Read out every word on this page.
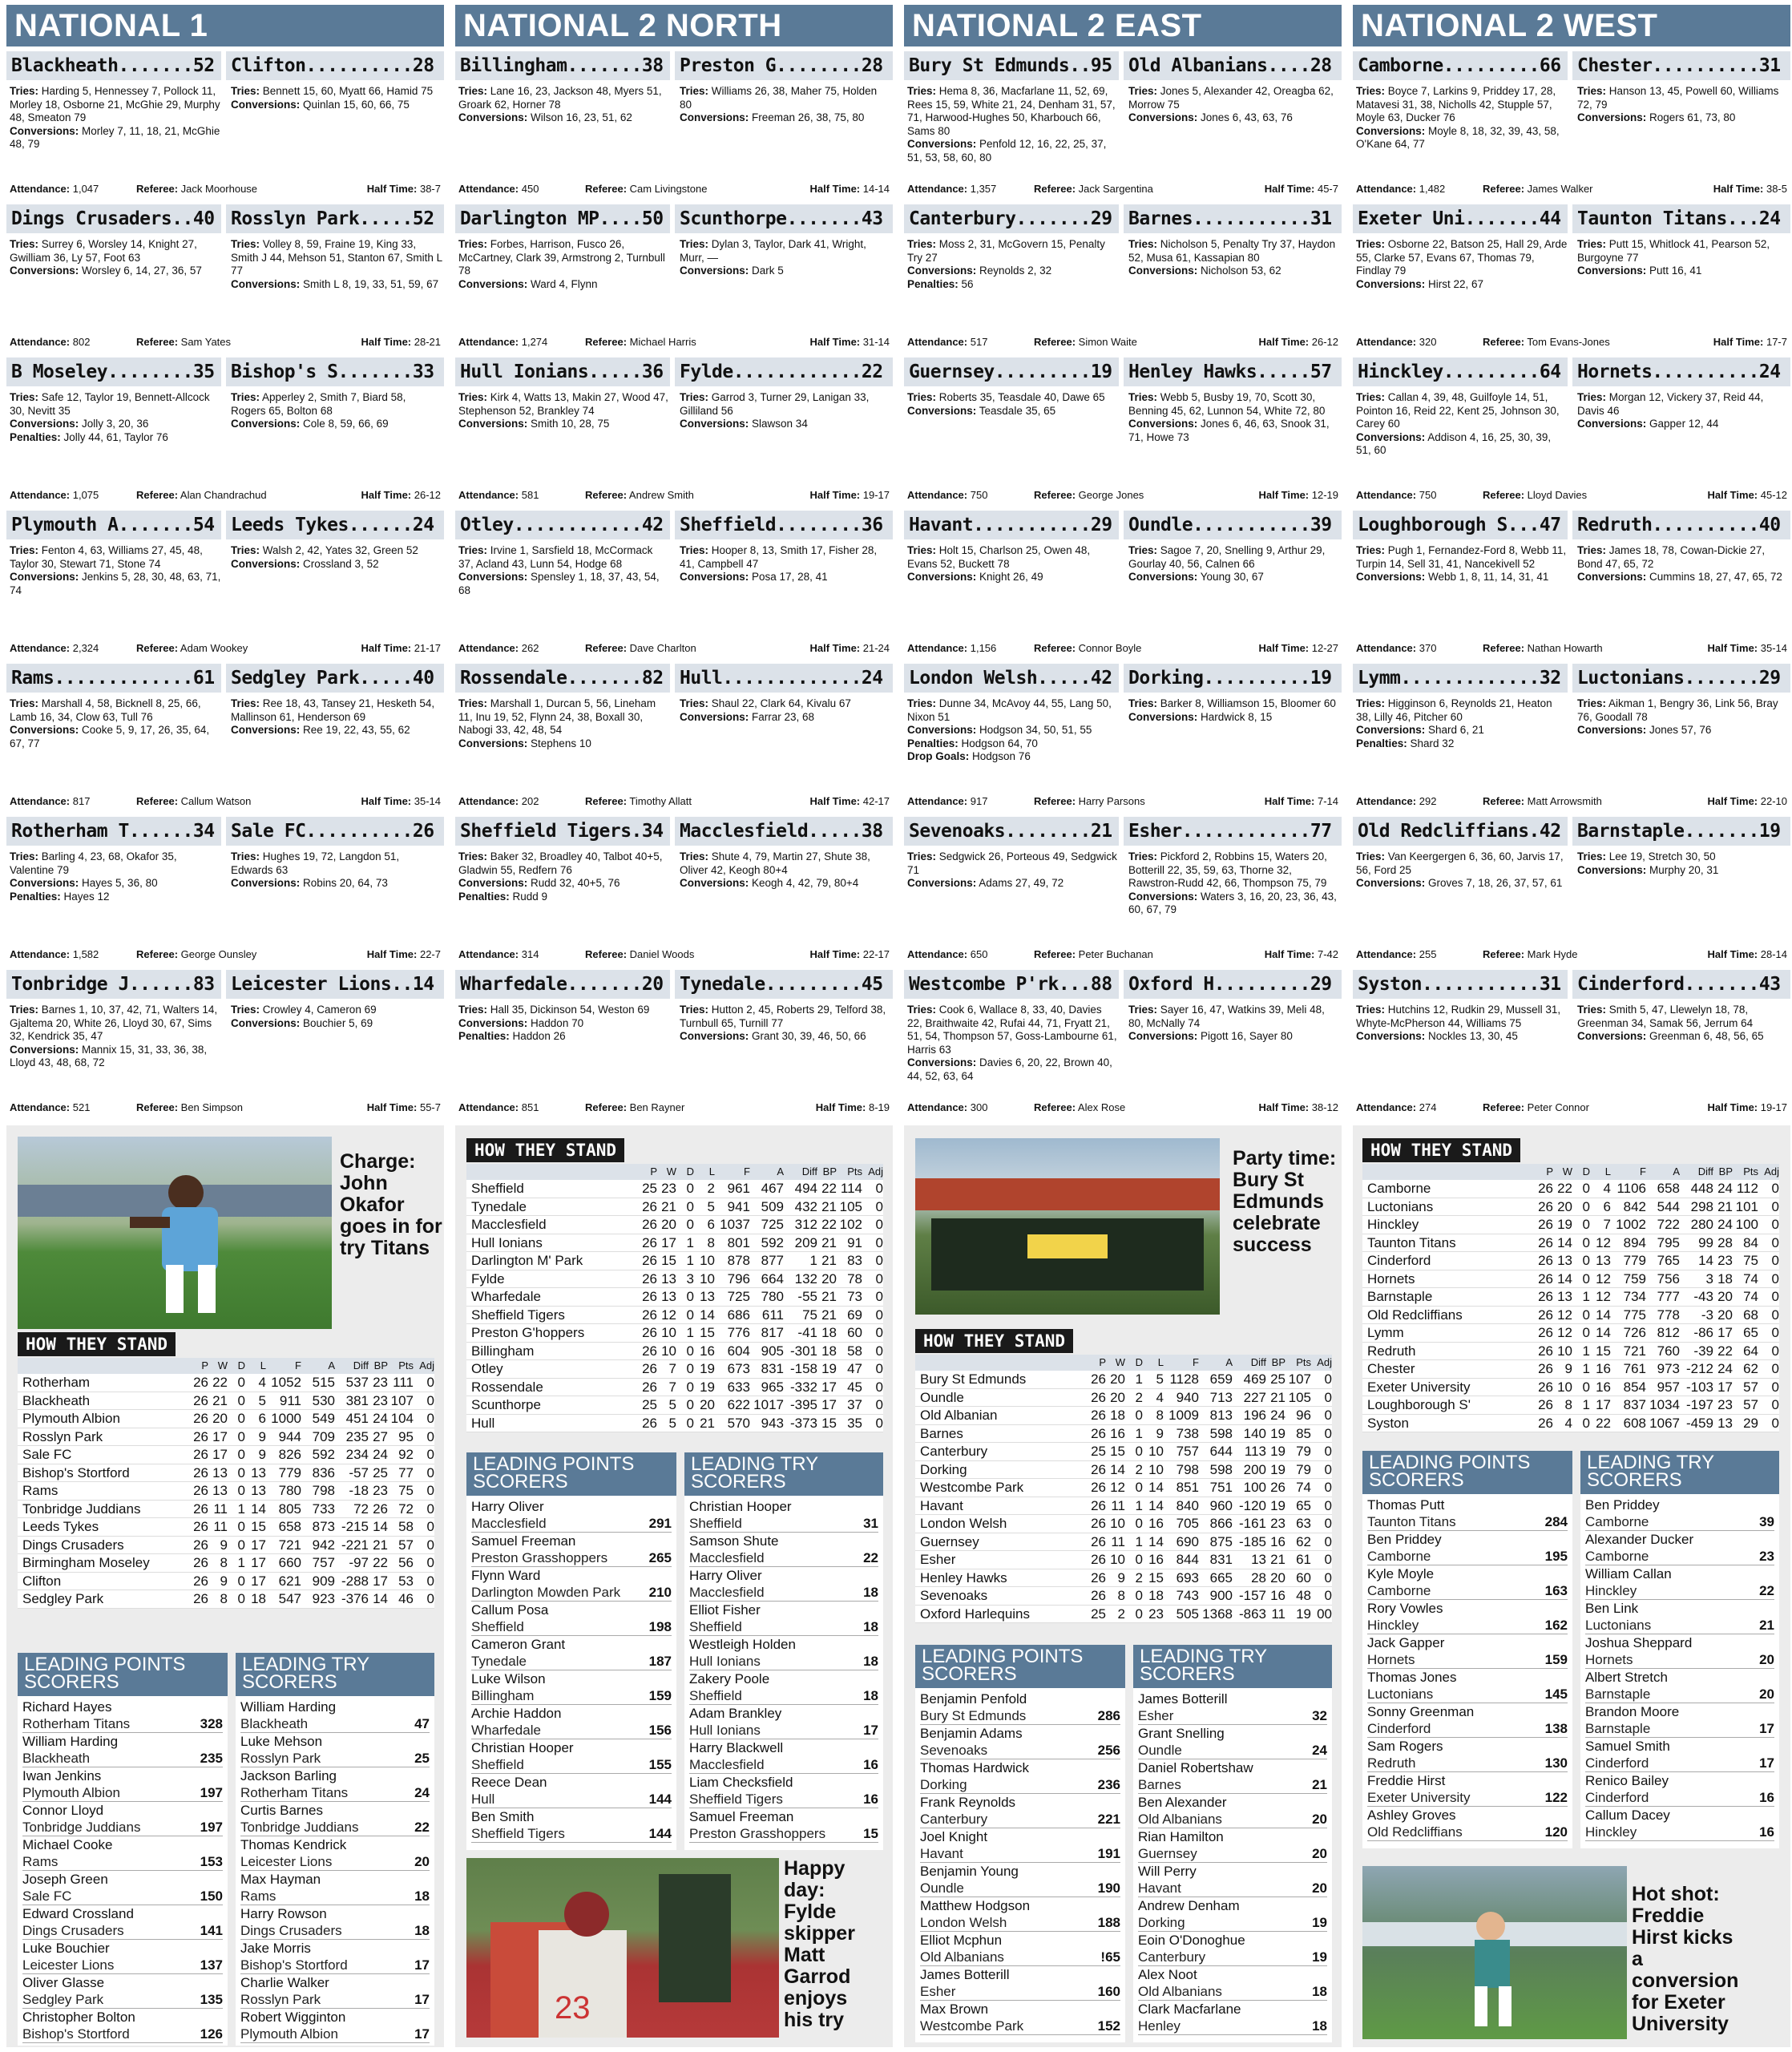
NATIONAL 1
Blackheath.......52 Clifton..........28
Tries: Harding 5, Hennessey 7, Pollock 11, Morley 18, Osborne 21, McGhie 29, Murphy 48, Smeaton 79
Conversions: Morley 7, 11, 18, 21, McGhie 48, 79
Tries: Bennett 15, 60, Myatt 66, Hamid 75
Conversions: Quinlan 15, 60, 66, 75
Attendance: 1,047	Referee: Jack Moorhouse	Half Time: 38-7
Dings Crusaders..40 Rosslyn Park.....52
Tries: Surrey 6, Worsley 14, Knight 27, Gwilliam 36, Ly 57, Foot 63
Conversions: Worsley 6, 14, 27, 36, 57
Tries: Volley 8, 59, Fraine 19, King 33, Smith J 44, Mehson 51, Stanton 67, Smith L 77
Conversions: Smith L 8, 19, 33, 51, 59, 67
Attendance: 802	Referee: Sam Yates	Half Time: 28-21
B Moseley........35 Bishop's S.......33
Tries: Safe 12, Taylor 19, Bennett-Allcock 30, Nevitt 35
Conversions: Jolly 3, 20, 36
Penalties: Jolly 44, 61, Taylor 76
Tries: Apperley 2, Smith 7, Biard 58, Rogers 65, Bolton 68
Conversions: Cole 8, 59, 66, 69
Attendance: 1,075	Referee: Alan Chandrachud	Half Time: 26-12
Plymouth A.......54 Leeds Tykes......24
Tries: Fenton 4, 63, Williams 27, 45, 48, Taylor 30, Stewart 71, Stone 74
Conversions: Jenkins 5, 28, 30, 48, 63, 71, 74
Tries: Walsh 2, 42, Yates 32, Green 52
Conversions: Crossland 3, 52
Attendance: 2,324	Referee: Adam Wookey	Half Time: 21-17
Rams.............61 Sedgley Park.....40
Tries: Marshall 4, 58, Bicknell 8, 25, 66, Lamb 16, 34, Clow 63, Tull 76
Conversions: Cooke 5, 9, 17, 26, 35, 64, 67, 77
Tries: Ree 18, 43, Tansey 21, Hesketh 54, Mallinson 61, Henderson 69
Conversions: Ree 19, 22, 43, 55, 62
Attendance: 817	Referee: Callum Watson	Half Time: 35-14
Rotherham T......34 Sale FC..........26
Tries: Barling 4, 23, 68, Okafor 35, Valentine 79
Conversions: Hayes 5, 36, 80
Penalties: Hayes 12
Tries: Hughes 19, 72, Langdon 51, Edwards 63
Conversions: Robins 20, 64, 73
Attendance: 1,582	Referee: George Ounsley	Half Time: 22-7
Tonbridge J......83 Leicester Lions..14
Tries: Barnes 1, 10, 37, 42, 71, Walters 14, Gjaltema 20, White 26, Lloyd 30, 67, Sims 32, Kendrick 35, 47
Conversions: Mannix 15, 31, 33, 36, 38, Lloyd 43, 48, 68, 72
Tries: Crowley 4, Cameron 69
Conversions: Bouchier 5, 69
Attendance: 521	Referee: Ben Simpson	Half Time: 55-7
NATIONAL 2 NORTH
Billingham.......38 Preston G........28
Tries: Lane 16, 23, Jackson 48, Myers 51, Groark 62, Horner 78
Conversions: Wilson 16, 23, 51, 62
Tries: Williams 26, 38, Maher 75, Holden 80
Conversions: Freeman 26, 38, 75, 80
Attendance: 450	Referee: Cam Livingstone	Half Time: 14-14
Darlington MP....50 Scunthorpe.......43
Tries: Forbes, Harrison, Fusco 26, McCartney, Clark 39, Armstrong 2, Turnbull 78
Conversions: Ward 4, Flynn
Tries: Dylan 3, Taylor, Dark 41, Wright, Murr, —
Conversions: Dark 5
Attendance: 1,274	Referee: Michael Harris	Half Time: 31-14
Hull Ionians.....36 Fylde............22
Tries: Kirk 4, Watts 13, Makin 27, Wood 47, Stephenson 52, Brankley 74
Conversions: Smith 10, 28, 75
Tries: Garrod 3, Turner 29, Lanigan 33, Gilliland 56
Conversions: Slawson 34
Attendance: 581	Referee: Andrew Smith	Half Time: 19-17
Otley............42 Sheffield........36
Tries: Irvine 1, Sarsfield 18, McCormack 37, Acland 43, Lunn 54, Hodge 68
Conversions: Spensley 1, 18, 37, 43, 54, 68
Tries: Hooper 8, 13, Smith 17, Fisher 28, 41, Campbell 47
Conversions: Posa 17, 28, 41
Attendance: 262	Referee: Dave Charlton	Half Time: 21-24
Rossendale.......82 Hull.............24
Tries: Marshall 1, Durcan 5, 56, Lineham 11, Inu 19, 52, Flynn 24, 38, Boxall 30, Nabogi 33, 42, 48, 54
Conversions: Stephens 10
Tries: Shaul 22, Clark 64, Kivalu 67
Conversions: Farrar 23, 68
Attendance: 202	Referee: Timothy Allatt	Half Time: 42-17
Sheffield Tigers.34 Macclesfield.....38
Tries: Baker 32, Broadley 40, Talbot 40+5, Gladwin 55, Redfern 76
Conversions: Rudd 32, 40+5, 76
Penalties: Rudd 9
Tries: Shute 4, 79, Martin 27, Shute 38, Oliver 42, Keogh 80+4
Conversions: Keogh 4, 42, 79, 80+4
Attendance: 314	Referee: Daniel Woods	Half Time: 22-17
Wharfedale.......20 Tynedale.........45
Tries: Hall 35, Dickinson 54, Weston 69
Conversions: Haddon 70
Penalties: Haddon 26
Tries: Hutton 2, 45, Roberts 29, Telford 38, Turnbull 65, Turnill 77
Conversions: Grant 30, 39, 46, 50, 66
Attendance: 851	Referee: Ben Rayner	Half Time: 8-19
NATIONAL 2 EAST
Bury St Edmunds..95 Old Albanians....28
Tries: Hema 8, 36, Macfarlane 11, 52, 69, Rees 15, 59, White 21, 24, Denham 31, 57, 71, Harwood-Hughes 50, Kharbouch 66, Sams 80
Conversions: Penfold 12, 16, 22, 25, 37, 51, 53, 58, 60, 80
Tries: Jones 5, Alexander 42, Oreagba 62, Morrow 75
Conversions: Jones 6, 43, 63, 76
Attendance: 1,357	Referee: Jack Sargentina	Half Time: 45-7
Canterbury.......29 Barnes...........31
Tries: Moss 2, 31, McGovern 15, Penalty Try 27
Conversions: Reynolds 2, 32
Penalties: 56
Tries: Nicholson 5, Penalty Try 37, Haydon 52, Musa 61, Kassapian 80
Conversions: Nicholson 53, 62
Attendance: 517	Referee: Simon Waite	Half Time: 26-12
Guernsey.........19 Henley Hawks.....57
Tries: Roberts 35, Teasdale 40, Dawe 65
Conversions: Teasdale 35, 65
Tries: Webb 5, Busby 19, 70, Scott 30, Benning 45, 62, Lunnon 54, White 72, 80
Conversions: Jones 6, 46, 63, Snook 31, 71, Howe 73
Attendance: 750	Referee: George Jones	Half Time: 12-19
Havant...........29 Oundle...........39
Tries: Holt 15, Charlson 25, Owen 48, Evans 52, Buckett 78
Conversions: Knight 26, 49
Tries: Sagoe 7, 20, Snelling 9, Arthur 29, Gourlay 40, 56, Calnen 66
Conversions: Young 30, 67
Attendance: 1,156	Referee: Connor Boyle	Half Time: 12-27
London Welsh.....42 Dorking..........19
Tries: Dunne 34, McAvoy 44, 55, Lang 50, Nixon 51
Conversions: Hodgson 34, 50, 51, 55
Penalties: Hodgson 64, 70
Drop Goals: Hodgson 76
Tries: Barker 8, Williamson 15, Bloomer 60
Conversions: Hardwick 8, 15
Attendance: 917	Referee: Harry Parsons	Half Time: 7-14
Sevenoaks........21 Esher............77
Tries: Sedgwick 26, Porteous 49, Sedgwick 71
Conversions: Adams 27, 49, 72
Tries: Pickford 2, Robbins 15, Waters 20, Botterill 22, 35, 59, 63, Thorne 32, Rawstron-Rudd 42, 66, Thompson 75, 79
Conversions: Waters 3, 16, 20, 23, 36, 43, 60, 67, 79
Attendance: 650	Referee: Peter Buchanan	Half Time: 7-42
Westcombe P'rk...88 Oxford H.........29
Tries: Cook 6, Wallace 8, 33, 40, Davies 22, Braithwaite 42, Rufai 44, 71, Fryatt 21, 51, 54, Thompson 57, Goss-Lambourne 61, Harris 63
Conversions: Davies 6, 20, 22, Brown 40, 44, 52, 63, 64
Tries: Sayer 16, 47, Watkins 39, Meli 48, 80, McNally 74
Conversions: Pigott 16, Sayer 80
Attendance: 300	Referee: Alex Rose	Half Time: 38-12
NATIONAL 2 WEST
Camborne.........66 Chester..........31
Tries: Boyce 7, Larkins 9, Priddey 17, 28, Matavesi 31, 38, Nicholls 42, Stupple 57, Moyle 63, Ducker 76
Conversions: Moyle 8, 18, 32, 39, 43, 58, O'Kane 64, 77
Tries: Hanson 13, 45, Powell 60, Williams 72, 79
Conversions: Rogers 61, 73, 80
Attendance: 1,482	Referee: James Walker	Half Time: 38-5
Exeter Uni.......44 Taunton Titans...24
Tries: Osborne 22, Batson 25, Hall 29, Arde 55, Clarke 57, Evans 67, Thomas 79, Findlay 79
Conversions: Hirst 22, 67
Tries: Putt 15, Whitlock 41, Pearson 52, Burgoyne 77
Conversions: Putt 16, 41
Attendance: 320	Referee: Tom Evans-Jones	Half Time: 17-7
Hinckley.........64 Hornets..........24
Tries: Callan 4, 39, 48, Guilfoyle 14, 51, Pointon 16, Reid 22, Kent 25, Johnson 30, Carey 60
Conversions: Addison 4, 16, 25, 30, 39, 51, 60
Tries: Morgan 12, Vickery 37, Reid 44, Davis 46
Conversions: Gapper 12, 44
Attendance: 750	Referee: Lloyd Davies	Half Time: 45-12
Loughborough S...47 Redruth..........40
Tries: Pugh 1, Fernandez-Ford 8, Webb 11, Turpin 14, Sell 31, 41, Nancekivell 52
Conversions: Webb 1, 8, 11, 14, 31, 41
Tries: James 18, 78, Cowan-Dickie 27, Bond 47, 65, 72
Conversions: Cummins 18, 27, 47, 65, 72
Attendance: 370	Referee: Nathan Howarth	Half Time: 35-14
Lymm.............32 Luctonians.......29
Tries: Higginson 6, Reynolds 21, Heaton 38, Lilly 46, Pitcher 60
Conversions: Shard 6, 21
Penalties: Shard 32
Tries: Aikman 1, Bengry 36, Link 56, Bray 76, Goodall 78
Conversions: Jones 57, 76
Attendance: 292	Referee: Matt Arrowsmith	Half Time: 22-10
Old Redcliffians.42 Barnstaple.......19
Tries: Van Keergergen 6, 36, 60, Jarvis 17, 56, Ford 25
Conversions: Groves 7, 18, 26, 37, 57, 61
Tries: Lee 19, Stretch 30, 50
Conversions: Murphy 20, 31
Attendance: 255	Referee: Mark Hyde	Half Time: 28-14
Syston...........31 Cinderford.......43
Tries: Hutchins 12, Rudkin 29, Mussell 31, Whyte-McPherson 44, Williams 75
Conversions: Nockles 13, 30, 45
Tries: Smith 5, 47, Llewelyn 18, 78, Greenman 34, Samak 56, Jerrum 64
Conversions: Greenman 6, 48, 56, 65
Attendance: 274	Referee: Peter Connor	Half Time: 19-17
23
Charge: John Okafor goes in for try Titans
Happy day: Fylde skipper Matt Garrod enjoys his try
Party time: Bury St Edmunds celebrate success
Hot shot: Freddie Hirst kicks a conversion for Exeter University
HOW THEY STAND
P W D	L	F	A	Diff BP	Pts Adj
Rotherham	26 22 0 4 1052 515 537 23 111 0
Blackheath	26 21 0 5 911 530 381 23 107 0
Plymouth Albion	26 20 0 6 1000 549 451 24 104 0
Rosslyn Park	26 17 0 9 944 709 235 27 95 0
Sale FC	26 17 0 9 826 592 234 24 92 0
Bishop's Stortford	26 13 0 13 779 836	-57 25 77 0
Rams	26 13 0 13 780 798	-18 23 75 0
Tonbridge Juddians	26 11 1 14 805 733	72 26 72 0
Leeds Tykes	26 11 0 15 658 873 -215 14 58 0
Dings Crusaders	26 9 0 17 721 942 -221 21 57 0
Birmingham Moseley	26 8 1 17 660 757	-97 22 56 0
Clifton	26 9 0 17 621 909 -288 17 53 0
Sedgley Park	26 8 0 18 547 923 -376 14 46 0
HOW THEY STAND
P W D	L	F	A	Diff BP	Pts Adj
Sheffield	25 23 0 2 961 467 494 22 114 0
Tynedale	26 21 0 5 941 509 432 21 105 0
Macclesfield	26 20 0 6 1037 725 312 22 102 0
Hull Ionians	26 17 1 8 801 592 209 21 91 0
Darlington M' Park	26 15 1 10 878 877	1 21 83 0
Fylde	26 13 3 10 796 664 132 20 78 0
Wharfedale	26 13 0 13 725 780	-55 21 73 0
Sheffield Tigers	26 12 0 14 686 611	75 21 69 0
Preston G'hoppers	26 10 1 15 776 817	-41 18 60 0
Billingham	26 10 0 16 604 905 -301 18 58 0
Otley	26 7 0 19 673 831 -158 19 47 0
Rossendale	26 7 0 19 633 965 -332 17 45 0
Scunthorpe	25 5 0 20 622 1017 -395 17 37 0
Hull	26 5 0 21 570 943 -373 15 35 0
HOW THEY STAND
P W D	L	F	A	Diff BP	Pts Adj
Bury St Edmunds	26 20 1 5 1128 659 469 25 107 0
Oundle	26 20 2 4 940 713 227 21 105 0
Old Albanian	26 18 0 8 1009 813 196 24 96 0
Barnes	26 16 1 9 738 598 140 19 85 0
Canterbury	25 15 0 10 757 644 113 19 79 0
Dorking	26 14 2 10 798 598 200 19 79 0
Westcombe Park	26 12 0 14 851 751 100 26 74 0
Havant	26 11 1 14 840 960 -120 19 65 0
London Welsh	26 10 0 16 705 866 -161 23 63 0
Guernsey	26 11 1 14 690 875 -185 16 62 0
Esher	26 10 0 16 844 831	13 21 61 0
Henley Hawks	26 9 2 15 693 665	28 20 60 0
Sevenoaks	26 8 0 18 743 900 -157 16 48 0
Oxford Harlequins	25 2 0 23 505 1368 -863 11 19 00
HOW THEY STAND
P W D	L	F	A	Diff BP	Pts Adj
Camborne	26 22 0 4 1106 658 448 24 112 0
Luctonians	26 20 0 6 842 544 298 21 101 0
Hinckley	26 19 0 7 1002 722 280 24 100 0
Taunton Titans	26 14 0 12 894 795	99 28 84 0
Cinderford	26 13 0 13 779 765	14 23 75 0
Hornets	26 14 0 12 759 756	3 18 74 0
Barnstaple	26 13 1 12 734 777	-43 20 74 0
Old Redcliffians	26 12 0 14 775 778	-3 20 68 0
Lymm	26 12 0 14 726 812	-86 17 65 0
Redruth	26 10 1 15 721 760	-39 22 64 0
Chester	26 9 1 16 761 973 -212 24 62 0
Exeter University	26 10 0 16 854 957 -103 17 57 0
Loughborough S'	26 8 1 17 837 1034 -197 23 57 0
Syston	26 4 0 22 608 1067 -459 13 29 0
LEADING POINTS SCORERS
Richard Hayes
Rotherham Titans	328
William Harding
Blackheath	235
Iwan Jenkins
Plymouth Albion	197
Connor Lloyd
Tonbridge Juddians	197
Michael Cooke
Rams	153
Joseph Green
Sale FC	150
Edward Crossland
Dings Crusaders	141
Luke Bouchier
Leicester Lions	137
Oliver Glasse
Sedgley Park	135
Christopher Bolton
Bishop's Stortford	126
LEADING TRY SCORERS
William Harding
Blackheath	47
Luke Mehson
Rosslyn Park	25
Jackson Barling
Rotherham Titans	24
Curtis Barnes
Tonbridge Juddians	22
Thomas Kendrick
Leicester Lions	20
Max Hayman
Rams	18
Harry Rowson
Dings Crusaders	18
Jake Morris
Bishop's Stortford	17
Charlie Walker
Rosslyn Park	17
Robert Wigginton
Plymouth Albion	17
LEADING POINTS SCORERS
Harry Oliver
Macclesfield	291
Samuel Freeman
Preston Grasshoppers	265
Flynn Ward
Darlington Mowden Park 210
Callum Posa
Sheffield	198
Cameron Grant
Tynedale	187
Luke Wilson
Billingham	159
Archie Haddon
Wharfedale	156
Christian Hooper
Sheffield	155
Reece Dean
Hull	144
Ben Smith
Sheffield Tigers	144
LEADING TRY SCORERS
Christian Hooper
Sheffield	31
Samson Shute
Macclesfield	22
Harry Oliver
Macclesfield	18
Elliot Fisher
Sheffield	18
Westleigh Holden
Hull Ionians	18
Zakery Poole
Sheffield	18
Adam Brankley
Hull Ionians	17
Harry Blackwell
Macclesfield	16
Liam Checksfield
Sheffield Tigers	16
Samuel Freeman
Preston Grasshoppers	15
LEADING POINTS SCORERS
Benjamin Penfold
Bury St Edmunds	286
Benjamin Adams
Sevenoaks	256
Thomas Hardwick
Dorking	236
Frank Reynolds
Canterbury	221
Joel Knight
Havant	191
Benjamin Young
Oundle	190
Matthew Hodgson
London Welsh	188
Elliot Mcphun
Old Albanians	!65
James Botterill
Esher	160
Max Brown
Westcombe Park	152
LEADING TRY SCORERS
James Botterill
Esher	32
Grant Snelling
Oundle	24
Daniel Robertshaw
Barnes	21
Ben Alexander
Old Albanians	20
Rian Hamilton
Guernsey	20
Will Perry
Havant	20
Andrew Denham
Dorking	19
Eoin O'Donoghue
Canterbury	19
Alex Noot
Old Albanians	18
Clark Macfarlane
Henley	18
LEADING POINTS SCORERS
Thomas Putt
Taunton Titans	284
Ben Priddey
Camborne	195
Kyle Moyle
Camborne	163
Rory Vowles
Hinckley	162
Jack Gapper
Hornets	159
Thomas Jones
Luctonians	145
Sonny Greenman
Cinderford	138
Sam Rogers
Redruth	130
Freddie Hirst
Exeter University	122
Ashley Groves
Old Redcliffians	120
LEADING TRY SCORERS
Ben Priddey
Camborne	39
Alexander Ducker
Camborne	23
William Callan
Hinckley	22
Ben Link
Luctonians	21
Joshua Sheppard
Hornets	20
Albert Stretch
Barnstaple	20
Brandon Moore
Barnstaple	17
Samuel Smith
Cinderford	17
Renico Bailey
Cinderford	16
Callum Dacey
Hinckley	16
